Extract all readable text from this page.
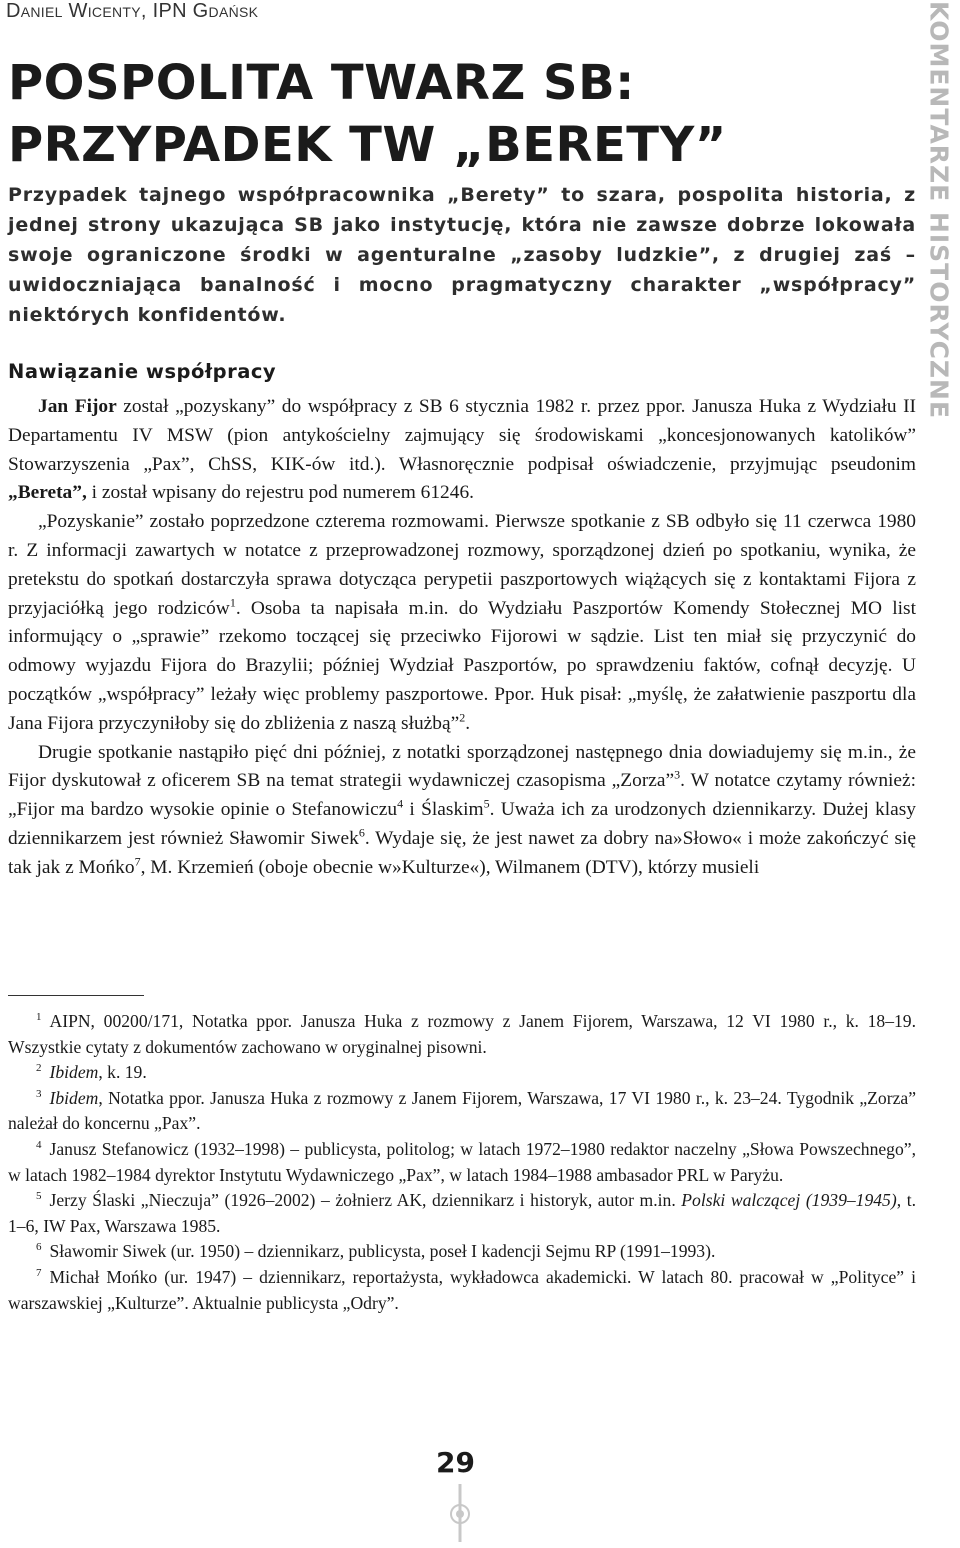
Daniel Wicenty, IPN Gdańsk	KOMENTARZE HISTORYCZNE
POSPOLITA TWARZ SB:
PRZYPADEK TW „BERETY”
Przypadek tajnego współpracownika „Berety” to szara, pospolita historia, z jednej strony ukazująca SB jako instytucję, która nie zawsze dobrze lokowała swoje ograniczone środki w agenturalne „zasoby ludzkie”, z drugiej zaś – uwidoczniająca banalność i mocno pragmatyczny charakter „współpracy” niektórych konfidentów.
Nawiązanie współpracy

Jan Fijor został „pozyskany” do współpracy z SB 6 stycznia 1982 r. przez ppor. Janusza Huka z Wydziału II Departamentu IV MSW (pion antykościelny zajmujący się środowiskami „koncesjonowanych katolików” Stowarzyszenia „Pax”, ChSS, KIK-ów itd.). Własnoręcznie podpisał oświadczenie, przyjmując pseudonim „Bereta”, i został wpisany do rejestru pod numerem 61246.

„Pozyskanie” zostało poprzedzone czterema rozmowami. Pierwsze spotkanie z SB odbyło się 11 czerwca 1980 r. Z informacji zawartych w notatce z przeprowadzonej rozmowy, sporządzonej dzień po spotkaniu, wynika, że pretekstu do spotkań dostarczyła sprawa dotycząca perypetii paszportowych wiążących się z kontaktami Fijora z przyjaciółką jego rodziców$^1$. Osoba ta napisała m.in. do Wydziału Paszportów Komendy Stołecznej MO list informujący o „sprawie” rzekomo toczącej się przeciwko Fijorowi w sądzie. List ten miał się przyczynić do odmowy wyjazdu Fijora do Brazylii; później Wydział Paszportów, po sprawdzeniu faktów, cofnął decyzję. U początków „współpracy” leżały więc problemy paszportowe. Ppor. Huk pisał: „myślę, że załatwienie paszportu dla Jana Fijora przyczyniłoby się do zbliżenia z naszą służbą”$^2$.

Drugie spotkanie nastąpiło pięć dni później, z notatki sporządzonej następnego dnia dowiadujemy się m.in., że Fijor dyskutował z oficerem SB na temat strategii wydawniczej czasopisma „Zorza”$^3$. W notatce czytamy również: „Fijor ma bardzo wysokie opinie o Stefanowiczu$^4$ i Ślaskim$^5$. Uważa ich za urodzonych dziennikarzy. Dużej klasy dziennikarzem jest również Sławomir Siwek$^6$. Wydaje się, że jest nawet za dobry na»Słowo« i może zakończyć się tak jak z Mońko$^7$, M. Krzemień (oboje obecnie w»Kulturze«), Wilmanem (DTV), którzy musieli

$^1$ AIPN, 00200/171, Notatka ppor. Janusza Huka z rozmowy z Janem Fijorem, Warszawa, 12 VI 1980 r., k. 18–19. Wszystkie cytaty z dokumentów zachowano w oryginalnej pisowni.

$^2$ Ibidem, k. 19.

$^3$ Ibidem, Notatka ppor. Janusza Huka z rozmowy z Janem Fijorem, Warszawa, 17 VI 1980 r., k. 23–24. Tygodnik „Zorza” należał do koncernu „Pax”.

$^4$ Janusz Stefanowicz (1932–1998) – publicysta, politolog; w latach 1972–1980 redaktor naczelny „Słowa Powszechnego”, w latach 1982–1984 dyrektor Instytutu Wydawniczego „Pax”, w latach 1984–1988 ambasador PRL w Paryżu.

$^5$ Jerzy Ślaski „Nieczuja” (1926–2002) – żołnierz AK, dziennikarz i historyk, autor m.in. Polski walczącej (1939–1945), t. 1–6, IW Pax, Warszawa 1985.

$^6$ Sławomir Siwek (ur. 1950) – dziennikarz, publicysta, poseł I kadencji Sejmu RP (1991–1993).

$^7$ Michał Mońko (ur. 1947) – dziennikarz, reportażysta, wykładowca akademicki. W latach 80. pracował w „Polityce” i warszawskiej „Kulturze”. Aktualnie publicysta „Odry”.

29
